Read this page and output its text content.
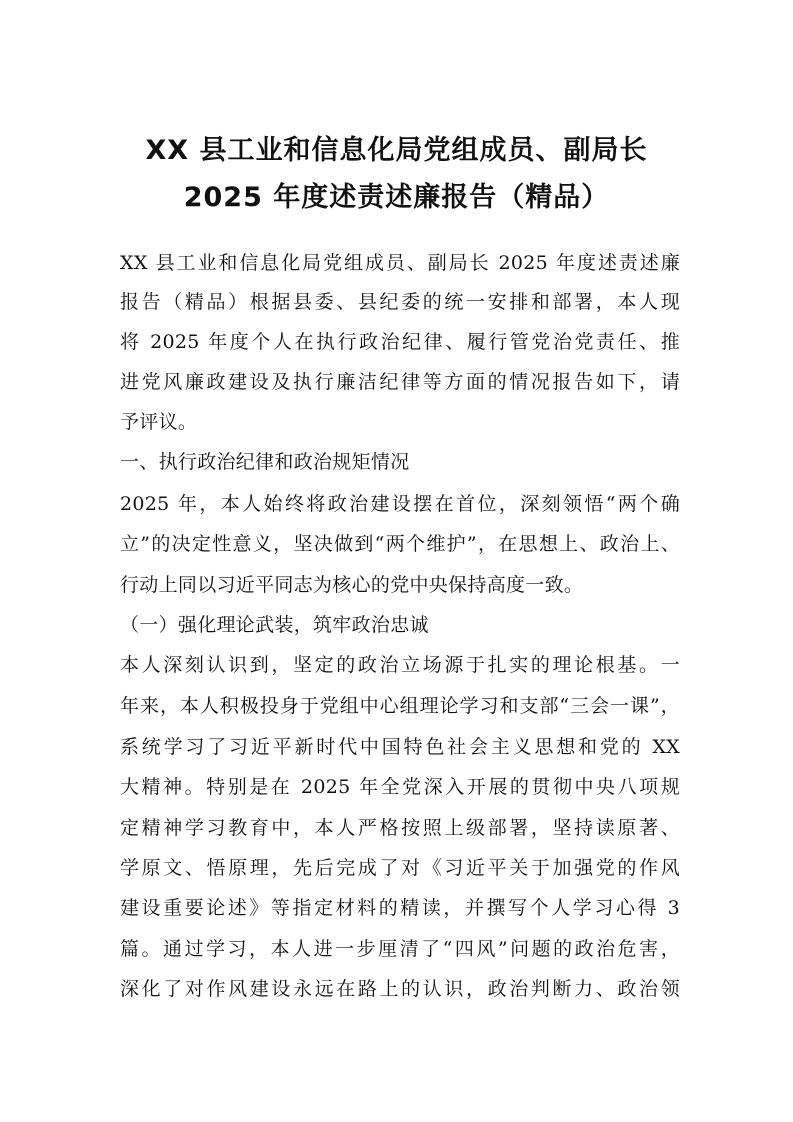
XX 县工业和信息化局党组成员、副局长
2025 年度述责述廉报告（精品）
XX 县工业和信息化局党组成员、副局长 2025 年度述责述廉
报告（精品）根据县委、县纪委的统一安排和部署，本人现
将 2025 年度个人在执行政治纪律、履行管党治党责任、推
进党风廉政建设及执行廉洁纪律等方面的情况报告如下，请
予评议。
一、执行政治纪律和政治规矩情况
2025 年，本人始终将政治建设摆在首位，深刻领悟“两个确
立”的决定性意义，坚决做到“两个维护”，在思想上、政治上、
行动上同以习近平同志为核心的党中央保持高度一致。
（一）强化理论武装，筑牢政治忠诚
本人深刻认识到，坚定的政治立场源于扎实的理论根基。一
年来，本人积极投身于党组中心组理论学习和支部“三会一课”，
系统学习了习近平新时代中国特色社会主义思想和党的 XX
大精神。特别是在 2025 年全党深入开展的贯彻中央八项规
定精神学习教育中，本人严格按照上级部署，坚持读原著、
学原文、悟原理，先后完成了对《习近平关于加强党的作风
建设重要论述》等指定材料的精读，并撰写个人学习心得 3
篇。通过学习，本人进一步厘清了“四风”问题的政治危害，
深化了对作风建设永远在路上的认识，政治判断力、政治领
